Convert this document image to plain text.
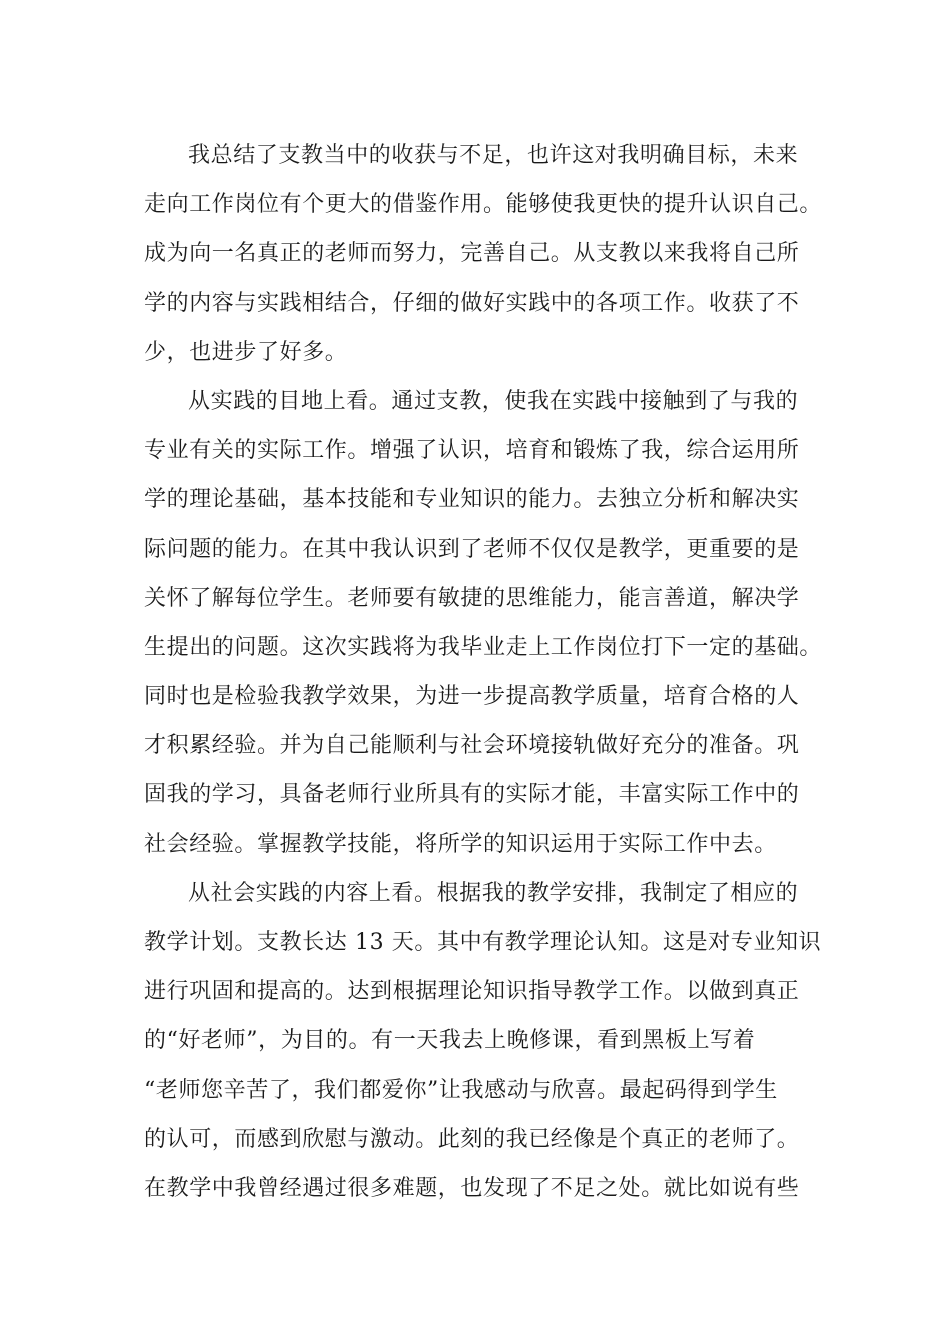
我总结了支教当中的收获与不足，也许这对我明确目标，未来
走向工作岗位有个更大的借鉴作用。能够使我更快的提升认识自己。
成为向一名真正的老师而努力，完善自己。从支教以来我将自己所
学的内容与实践相结合，仔细的做好实践中的各项工作。收获了不
少，也进步了好多。
从实践的目地上看。通过支教，使我在实践中接触到了与我的
专业有关的实际工作。增强了认识，培育和锻炼了我，综合运用所
学的理论基础，基本技能和专业知识的能力。去独立分析和解决实
际问题的能力。在其中我认识到了老师不仅仅是教学，更重要的是
关怀了解每位学生。老师要有敏捷的思维能力，能言善道，解决学
生提出的问题。这次实践将为我毕业走上工作岗位打下一定的基础。
同时也是检验我教学效果，为进一步提高教学质量，培育合格的人
才积累经验。并为自己能顺利与社会环境接轨做好充分的准备。巩
固我的学习，具备老师行业所具有的实际才能，丰富实际工作中的
社会经验。掌握教学技能，将所学的知识运用于实际工作中去。
从社会实践的内容上看。根据我的教学安排，我制定了相应的
教学计划。支教长达 13 天。其中有教学理论认知。这是对专业知识
进行巩固和提高的。达到根据理论知识指导教学工作。以做到真正
的“好老师”，为目的。有一天我去上晚修课，看到黑板上写着
“老师您辛苦了，我们都爱你”让我感动与欣喜。最起码得到学生
的认可，而感到欣慰与激动。此刻的我已经像是个真正的老师了。
在教学中我曾经遇过很多难题，也发现了不足之处。就比如说有些
